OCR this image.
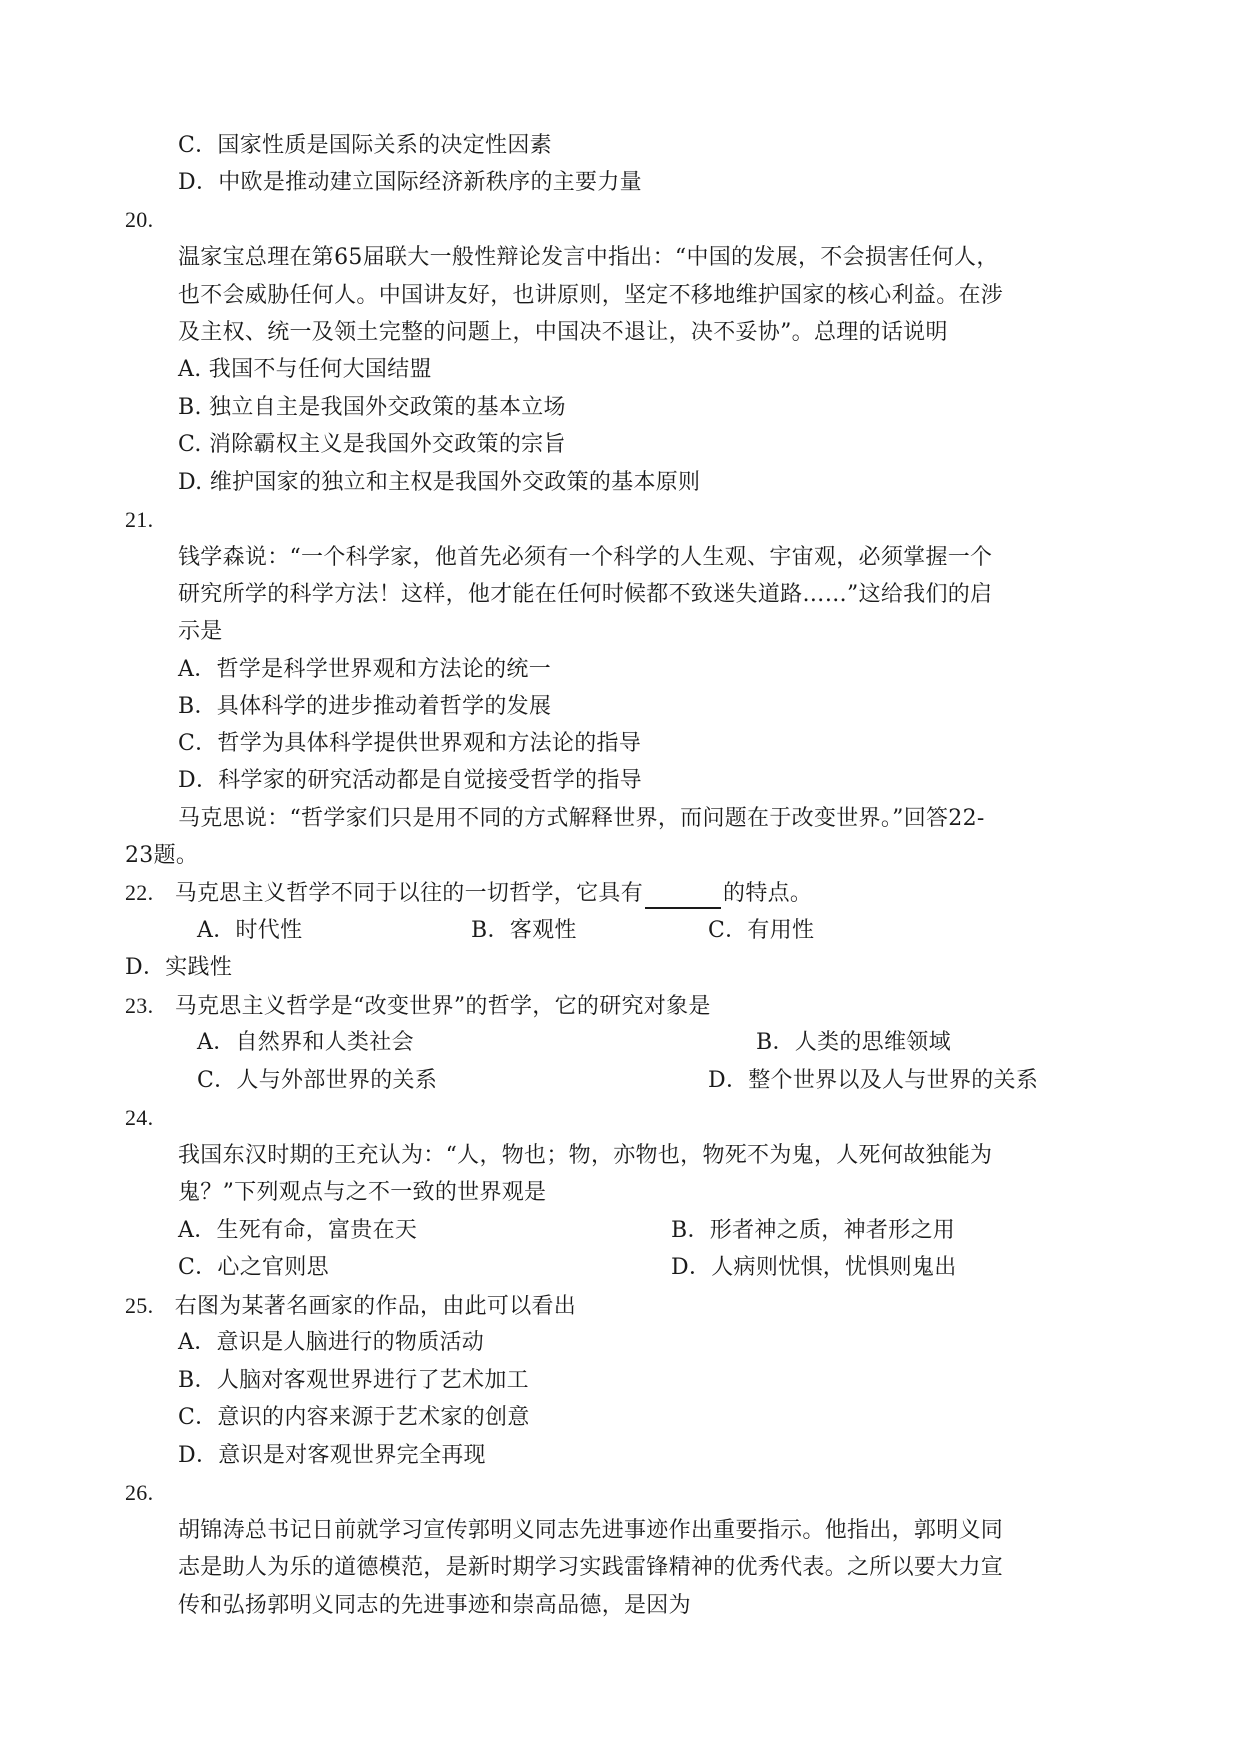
C．国家性质是国际关系的决定性因素
D．中欧是推动建立国际经济新秩序的主要力量
20.
温家宝总理在第65届联大一般性辩论发言中指出：“中国的发展，不会损害任何人，
也不会威胁任何人。中国讲友好，也讲原则，坚定不移地维护国家的核心利益。在涉
及主权、统一及领土完整的问题上，中国决不退让，决不妥协”。总理的话说明
A. 我国不与任何大国结盟
B. 独立自主是我国外交政策的基本立场
C. 消除霸权主义是我国外交政策的宗旨
D. 维护国家的独立和主权是我国外交政策的基本原则
21.
钱学森说：“一个科学家，他首先必须有一个科学的人生观、宇宙观，必须掌握一个
研究所学的科学方法！这样，他才能在任何时候都不致迷失道路……”这给我们的启
示是
A．哲学是科学世界观和方法论的统一
B．具体科学的进步推动着哲学的发展
C．哲学为具体科学提供世界观和方法论的指导
D．科学家的研究活动都是自觉接受哲学的指导
马克思说：“哲学家们只是用不同的方式解释世界，而问题在于改变世界。”回答22-
23题。
22. 马克思主义哲学不同于以往的一切哲学，它具有	的特点。
A．时代性	B．客观性	C．有用性
D．实践性
23. 马克思主义哲学是“改变世界”的哲学，它的研究对象是
A．自然界和人类社会	B．人类的思维领域
C．人与外部世界的关系	D．整个世界以及人与世界的关系
24.
我国东汉时期的王充认为：“人，物也；物，亦物也，物死不为鬼，人死何故独能为
鬼？”下列观点与之不一致的世界观是
A．生死有命，富贵在天	B．形者神之质，神者形之用
C．心之官则思	D．人病则忧惧，忧惧则鬼出
25. 右图为某著名画家的作品，由此可以看出
A．意识是人脑进行的物质活动
B．人脑对客观世界进行了艺术加工
C．意识的内容来源于艺术家的创意
D．意识是对客观世界完全再现
26.
胡锦涛总书记日前就学习宣传郭明义同志先进事迹作出重要指示。他指出，郭明义同
志是助人为乐的道德模范，是新时期学习实践雷锋精神的优秀代表。之所以要大力宣
传和弘扬郭明义同志的先进事迹和崇高品德，是因为
